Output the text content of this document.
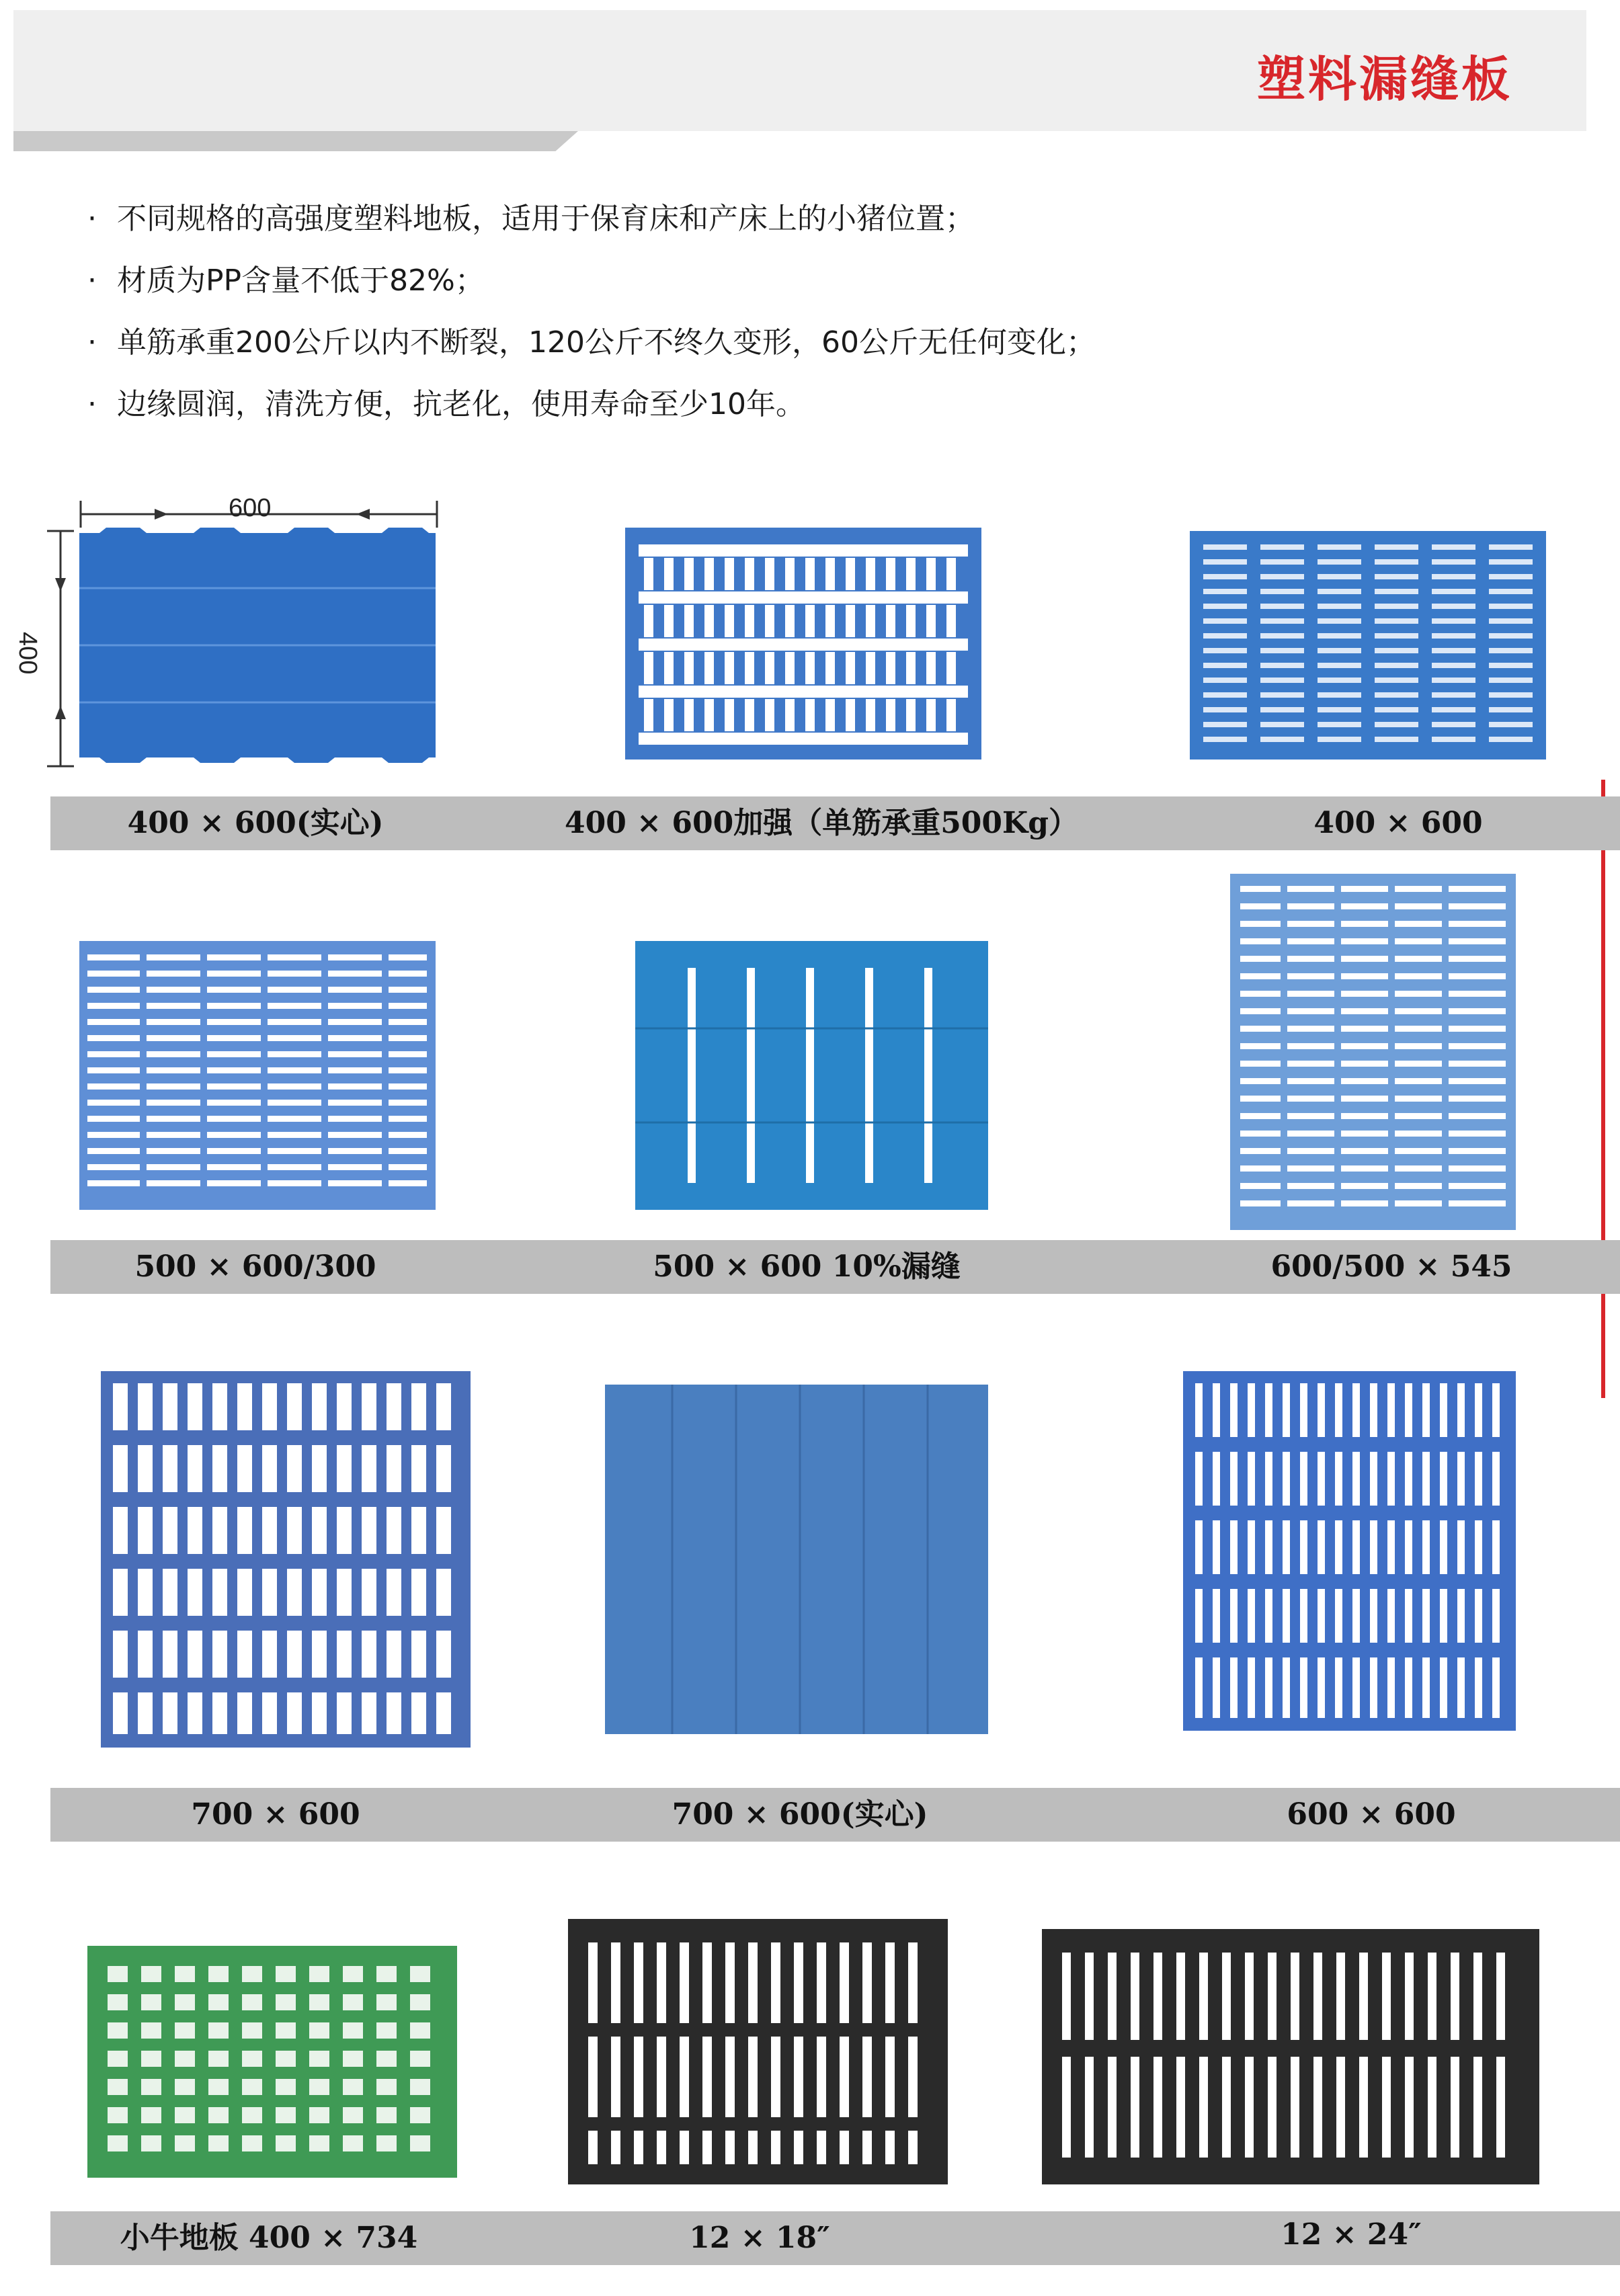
塑料漏缝板
· 不同规格的高强度塑料地板，适用于保育床和产床上的小猪位置；
· 材质为PP含量不低于82%；
· 单筋承重200公斤以内不断裂，120公斤不终久变形，60公斤无任何变化；
· 边缘圆润，清洗方便，抗老化，使用寿命至少10年。
600
400
400 × 600(实心)	400 × 600加强（单筋承重500Kg）	400 × 600
500 × 600/300	500 × 600 10%漏缝	600/500 × 545
700 × 600	700 × 600(实心)	600 × 600
小牛地板 400 × 734	12 × 18″	12 × 24″
